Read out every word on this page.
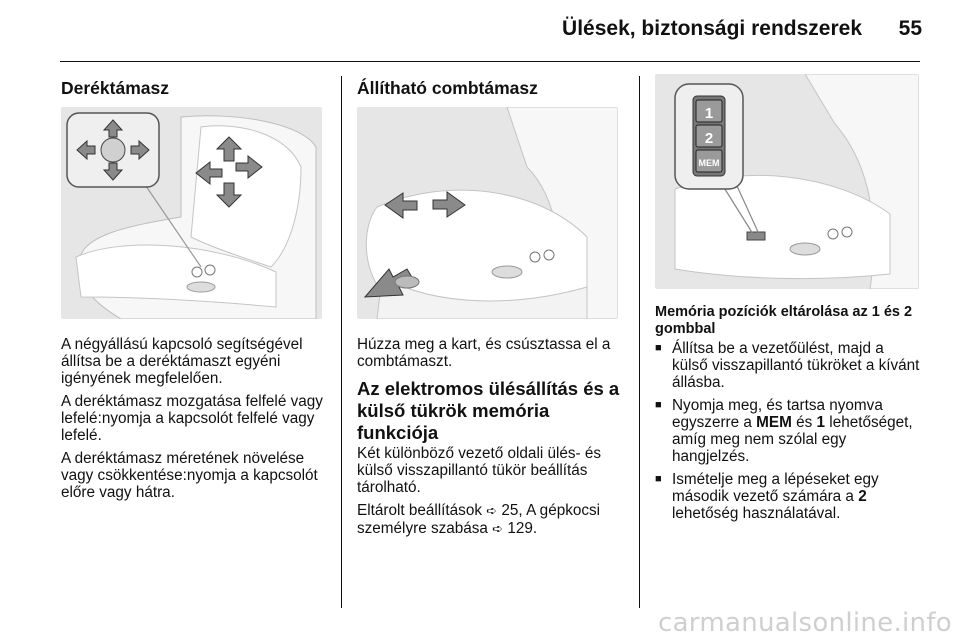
Ülések, biztonsági rendszerek 55
Deréktámasz

A négyállású kapcsoló segítségével állítsa be a deréktámaszt egyéni igényének megfelelően.

A deréktámasz mozgatása felfelé vagy lefelé:nyomja a kapcsolót felfelé vagy lefelé.

A deréktámasz méretének növelése vagy csökkentése:nyomja a kapcsolót előre vagy hátra.

Állítható combtámasz

Húzza meg a kart, és csúsztassa el a combtámaszt.

Az elektromos ülésállítás és a külső tükrök memória funkciója

Két különböző vezető oldali ülés- és külső visszapillantó tükör beállítás tárolható.

Eltárolt beállítások ➪ 25, A gépkocsi személyre szabása ➪ 129.

1
2
MEM
Memória pozíciók eltárolása az 1 és 2 gombbal
■ Állítsa be a vezetőülést, majd a külső visszapillantó tükröket a kívánt állásba.
■ Nyomja meg, és tartsa nyomva egyszerre a MEM és 1 lehetőséget, amíg meg nem szólal egy hangjelzés.
■ Ismételje meg a lépéseket egy második vezető számára a 2 lehetőség használatával.
carmanualsonline.info
